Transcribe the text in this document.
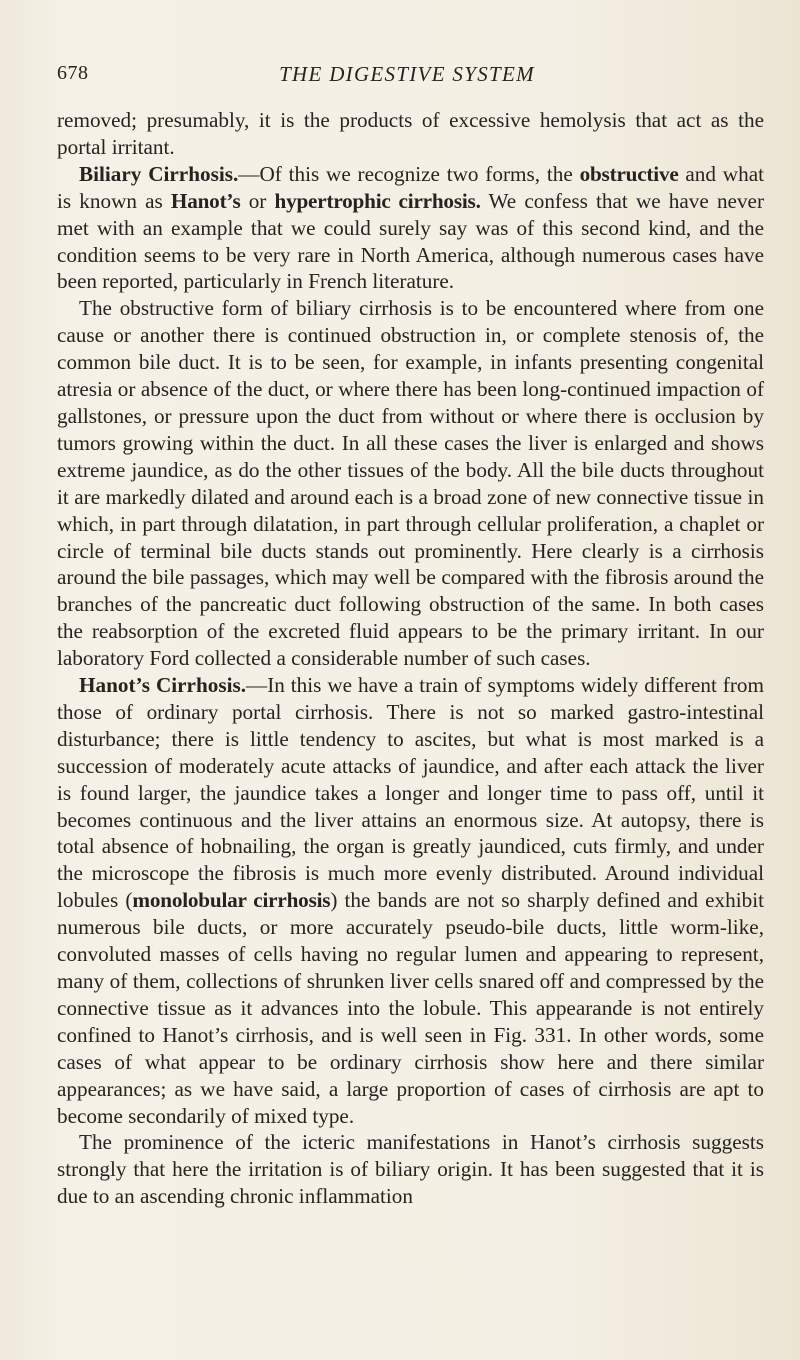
678	THE DIGESTIVE SYSTEM

removed; presumably, it is the products of excessive hemolysis that act as the portal irritant.

Biliary Cirrhosis.—Of this we recognize two forms, the obstructive and what is known as Hanot’s or hypertrophic cirrhosis. We confess that we have never met with an example that we could surely say was of this second kind, and the condition seems to be very rare in North America, although numerous cases have been reported, particularly in French literature.

The obstructive form of biliary cirrhosis is to be encountered where from one cause or another there is continued obstruction in, or complete stenosis of, the common bile duct. It is to be seen, for example, in infants presenting congenital atresia or absence of the duct, or where there has been long-continued impaction of gallstones, or pressure upon the duct from without or where there is occlusion by tumors growing within the duct. In all these cases the liver is enlarged and shows extreme jaundice, as do the other tissues of the body. All the bile ducts throughout it are markedly dilated and around each is a broad zone of new connective tissue in which, in part through dilatation, in part through cellular proliferation, a chaplet or circle of terminal bile ducts stands out prominently. Here clearly is a cirrhosis around the bile passages, which may well be compared with the fibrosis around the branches of the pancreatic duct following obstruction of the same. In both cases the reabsorption of the excreted fluid appears to be the primary irritant. In our laboratory Ford collected a considerable number of such cases.

Hanot’s Cirrhosis.—In this we have a train of symptoms widely different from those of ordinary portal cirrhosis. There is not so marked gastro-intestinal disturbance; there is little tendency to ascites, but what is most marked is a succession of moderately acute attacks of jaundice, and after each attack the liver is found larger, the jaundice takes a longer and longer time to pass off, until it becomes continuous and the liver attains an enormous size. At autopsy, there is total absence of hobnailing, the organ is greatly jaundiced, cuts firmly, and under the microscope the fibrosis is much more evenly distributed. Around individual lobules (monolobular cirrhosis) the bands are not so sharply defined and exhibit numerous bile ducts, or more accurately pseudo-bile ducts, little worm-like, convoluted masses of cells having no regular lumen and appearing to represent, many of them, collections of shrunken liver cells snared off and compressed by the connective tissue as it advances into the lobule. This appearande is not entirely confined to Hanot’s cirrhosis, and is well seen in Fig. 331. In other words, some cases of what appear to be ordinary cirrhosis show here and there similar appearances; as we have said, a large proportion of cases of cirrhosis are apt to become secondarily of mixed type.

The prominence of the icteric manifestations in Hanot’s cirrhosis suggests strongly that here the irritation is of biliary origin. It has been suggested that it is due to an ascending chronic inflammation
